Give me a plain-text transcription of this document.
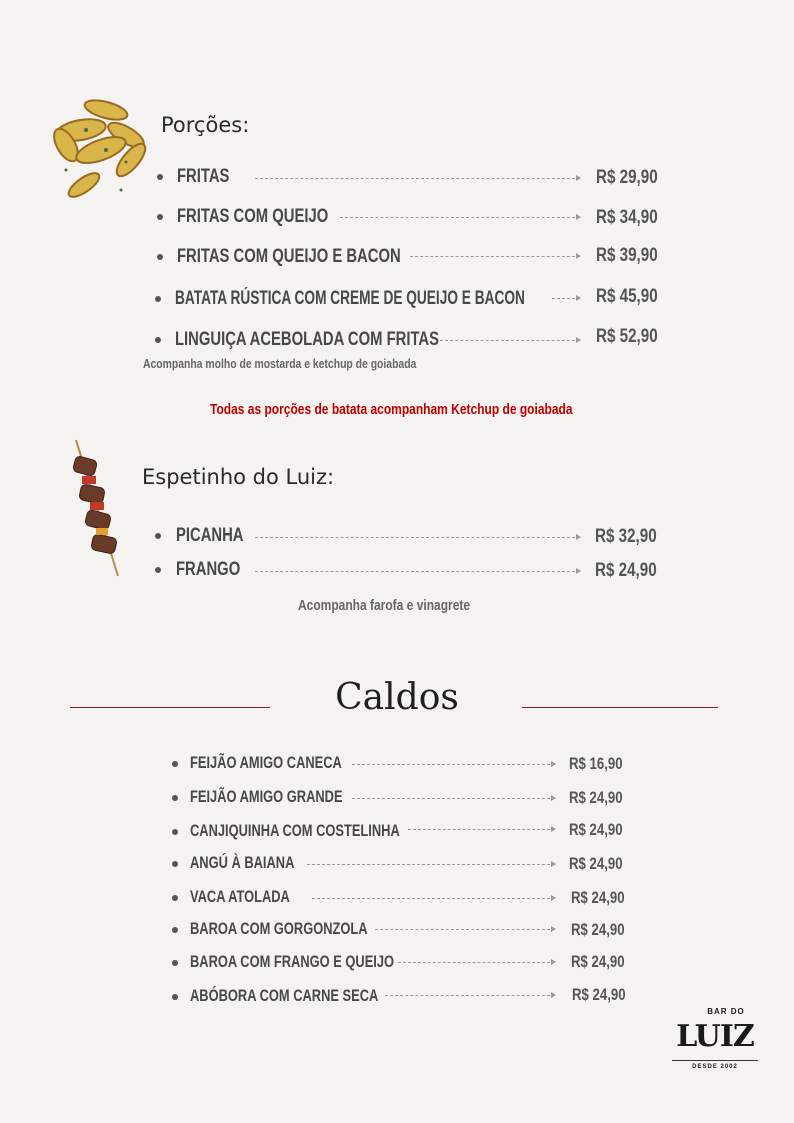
Porções:
FRITAS	R$ 29,90
FRITAS COM QUEIJO	R$ 34,90
FRITAS COM QUEIJO E BACON	R$ 39,90
BATATA RÚSTICA COM CREME DE QUEIJO E BACON	R$ 45,90
LINGUIÇA ACEBOLADA COM FRITAS	R$ 52,90
Acompanha molho de mostarda e ketchup de goiabada
Todas as porções de batata acompanham Ketchup de goiabada
Espetinho do Luiz:
PICANHA	R$ 32,90
FRANGO	R$ 24,90
Acompanha farofa e vinagrete
Caldos
FEIJÃO AMIGO CANECA	R$ 16,90
FEIJÃO AMIGO GRANDE	R$ 24,90
CANJIQUINHA COM COSTELINHA	R$ 24,90
ANGÚ À BAIANA	R$ 24,90
VACA ATOLADA	R$ 24,90
BAROA COM GORGONZOLA	R$ 24,90
BAROA COM FRANGO E QUEIJO	R$ 24,90
ABÓBORA COM CARNE SECA	R$ 24,90
BAR DO
LUIZ
DESDE 2002
